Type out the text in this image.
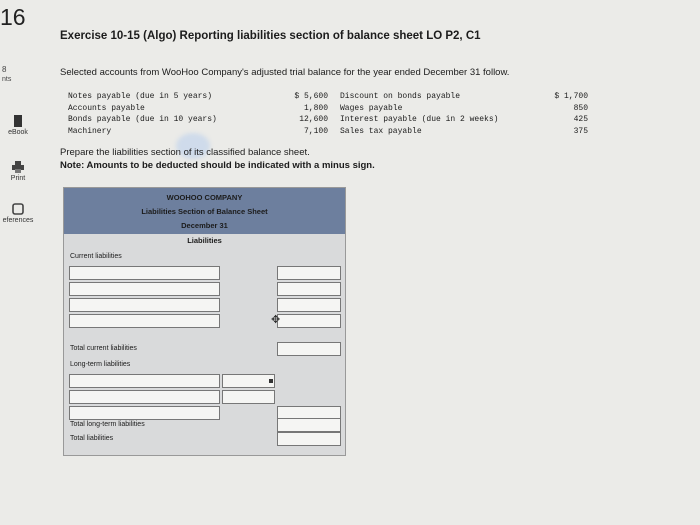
16
8
nts
eBook
Print
eferences
Exercise 10-15 (Algo) Reporting liabilities section of balance sheet LO P2, C1
Selected accounts from WooHoo Company's adjusted trial balance for the year ended December 31 follow.
Notes payable (due in 5 years)
Accounts payable
Bonds payable (due in 10 years)
Machinery
$ 5,600
1,800
12,600
7,100
Discount on bonds payable
Wages payable
Interest payable (due in 2 weeks)
Sales tax payable
$ 1,700
850
425
375
Prepare the liabilities section of its classified balance sheet.
Note: Amounts to be deducted should be indicated with a minus sign.
WOOHOO COMPANY
Liabilities Section of Balance Sheet
December 31
Liabilities
Current liabilities
✥
Total current liabilities
Long-term liabilities
Total long-term liabilities
Total liabilities
